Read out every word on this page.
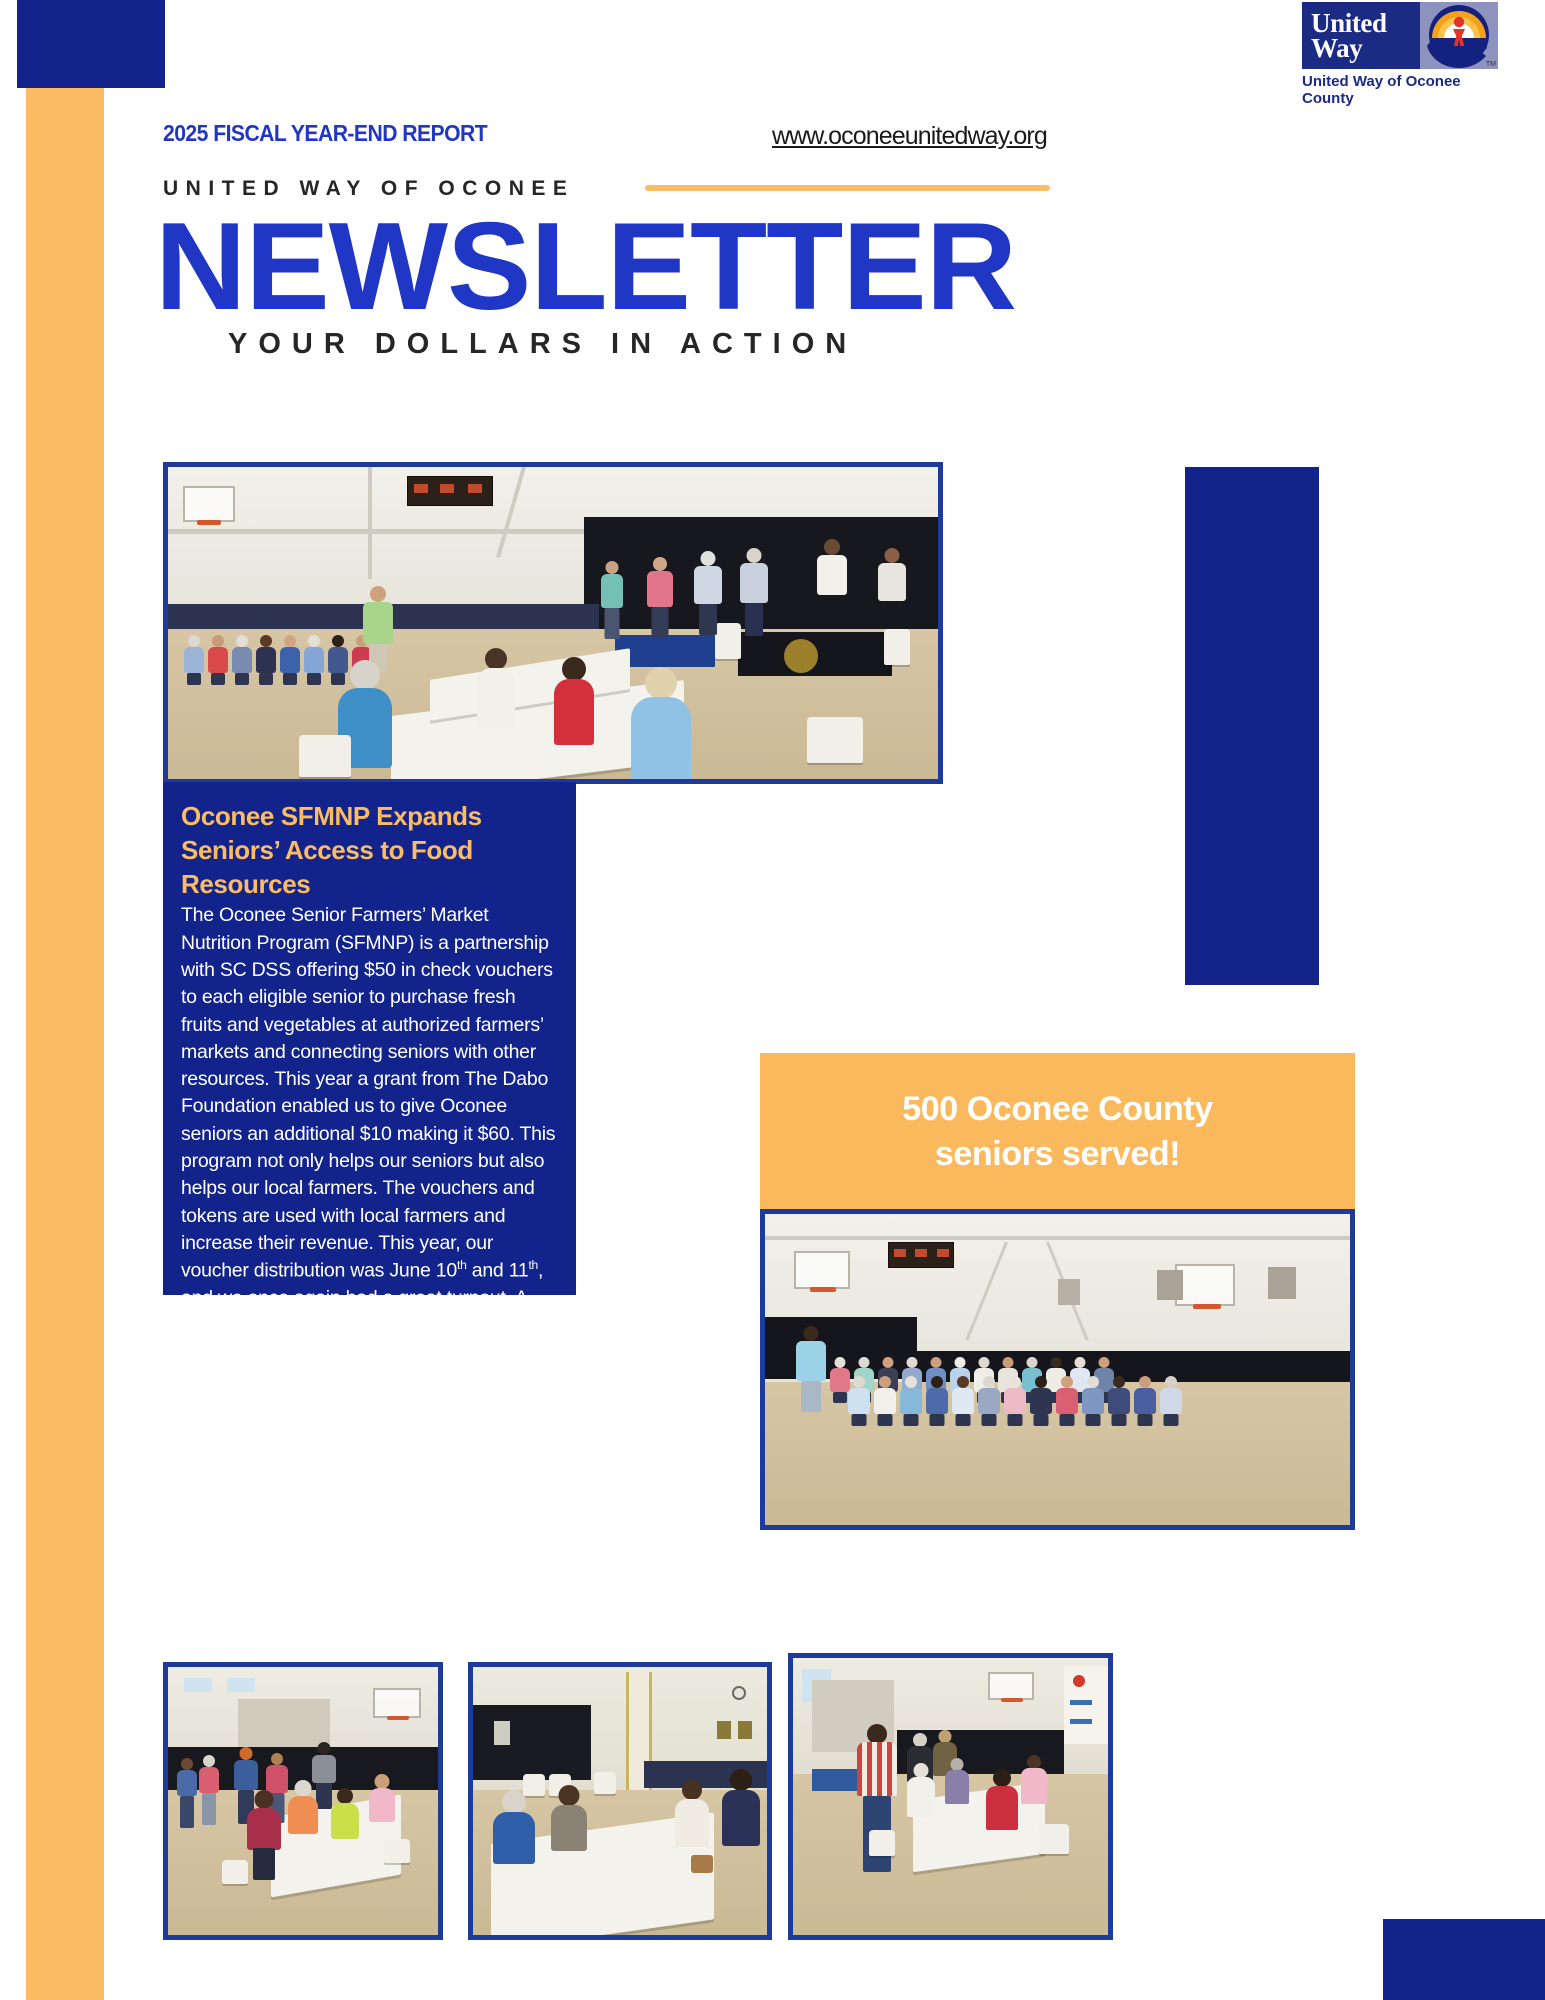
United
Way
TM
United Way of Oconee County
2025 FISCAL YEAR-END REPORT	www.oconeeunitedway.org
UNITED WAY OF OCONEE
NEWSLETTER
YOUR DOLLARS IN ACTION
Oconee SFMNP Expands Seniors’ Access to Food Resources
The Oconee Senior Farmers’ Market Nutrition Program (SFMNP) is a partnership with SC DSS offering $50 in check vouchers to each eligible senior to purchase fresh fruits and vegetables at authorized farmers’ markets and connecting seniors with other resources. This year a grant from The Dabo Foundation enabled us to give Oconee seniors an additional $10 making it $60. This program not only helps our seniors but also helps our local farmers. The vouchers and tokens are used with local farmers and increase their revenue. This year, our voucher distribution was June 10th and 11th, and we once again had a great turnout. A special thank you to all of the volunteers who helped out with packing bags and voucher distribution.
500 Oconee County
seniors served!
